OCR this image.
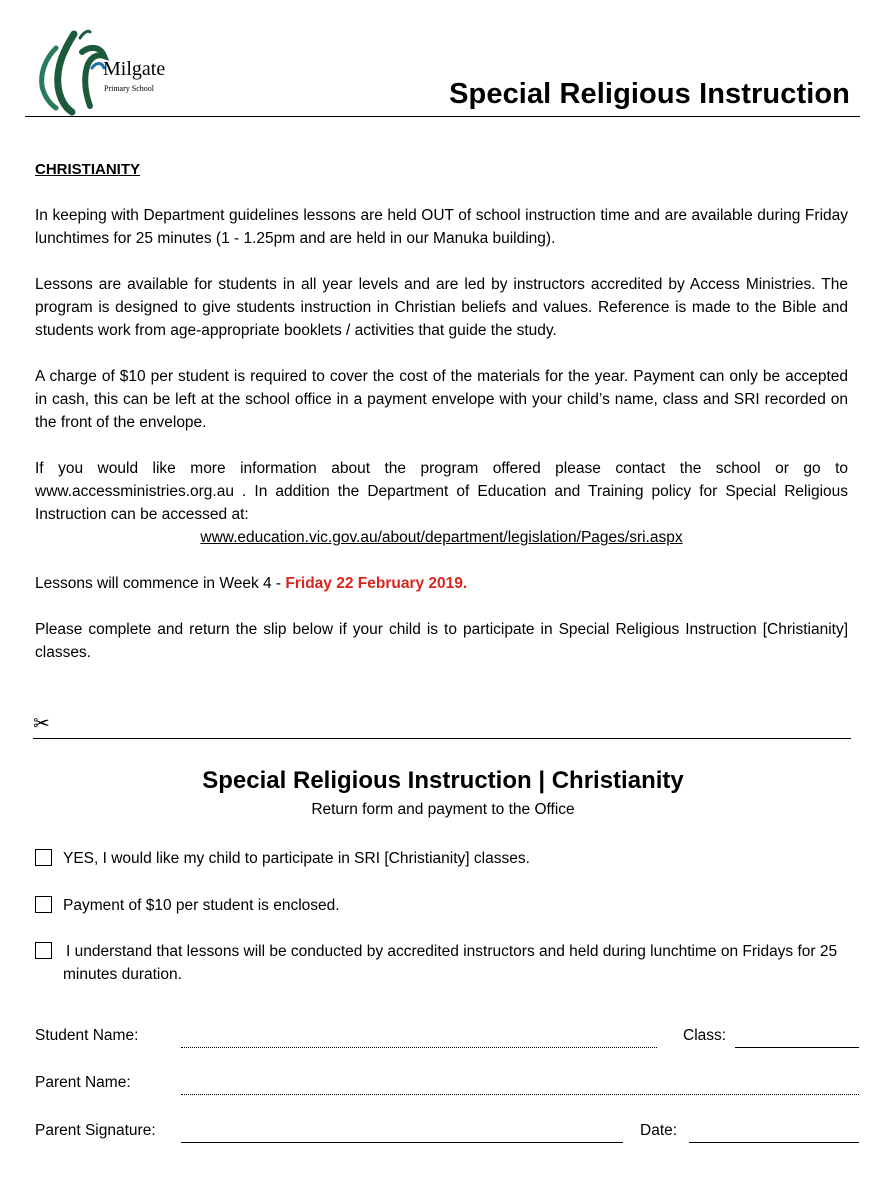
Milgate
Primary School	Special Religious Instruction

CHRISTIANITY

In keeping with Department guidelines lessons are held OUT of school instruction time and are available during Friday lunchtimes for 25 minutes (1 - 1.25pm and are held in our Manuka building).

Lessons are available for students in all year levels and are led by instructors accredited by Access Ministries. The program is designed to give students instruction in Christian beliefs and values. Reference is made to the Bible and students work from age-appropriate booklets / activities that guide the study.

A charge of $10 per student is required to cover the cost of the materials for the year. Payment can only be accepted in cash, this can be left at the school office in a payment envelope with your child’s name, class and SRI recorded on the front of the envelope.

If you would like more information about the program offered please contact the school or go to www.accessministries.org.au . In addition the Department of Education and Training policy for Special Religious Instruction can be accessed at:

www.education.vic.gov.au/about/department/legislation/Pages/sri.aspx

Lessons will commence in Week 4 - Friday 22 February 2019.

Please complete and return the slip below if your child is to participate in Special Religious Instruction [Christianity] classes.

✂
Special Religious Instruction | Christianity
Return form and payment to the Office
YES, I would like my child to participate in SRI [Christianity] classes.
Payment of $10 per student is enclosed.
I understand that lessons will be conducted by accredited instructors and held during lunchtime on Fridays for 25 minutes duration.
Student Name:	Class:
Parent Name:
Parent Signature:	Date:
